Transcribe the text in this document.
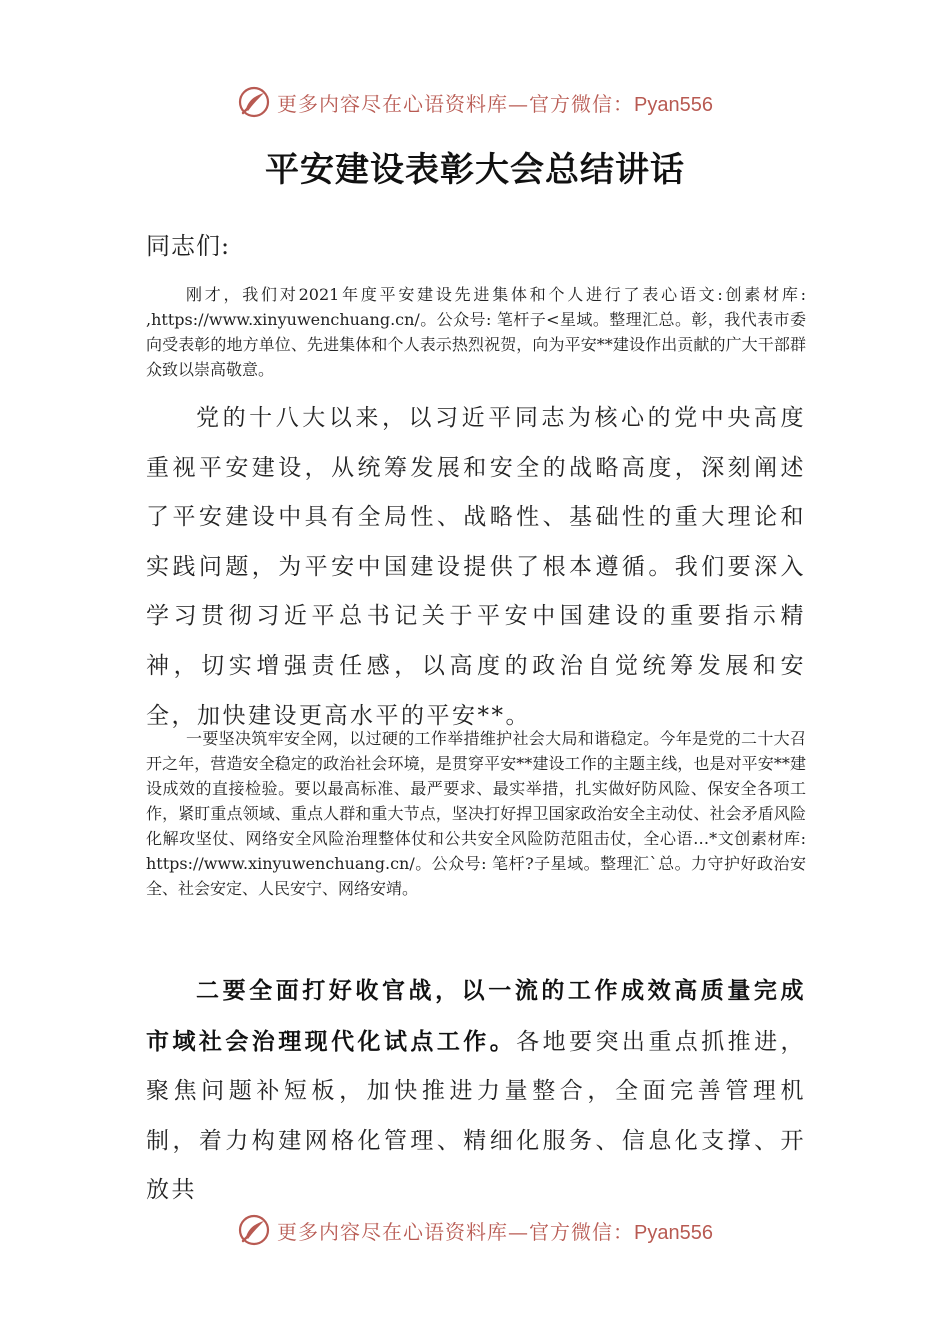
更多内容尽在心语资料库—官方微信：Pyan556
平安建设表彰大会总结讲话

同志们:

刚才，我们对2021年度平安建设先进集体和个人进行了表心语文:创素材库: ,https://www.xinyuwenchuang.cn/。公众号: 笔杆子<星域。整理汇总。彰，我代表市委向受表彰的地方单位、先进集体和个人表示热烈祝贺，向为平安**建设作出贡献的广大干部群众致以崇高敬意。

党的十八大以来，以习近平同志为核心的党中央高度重视平安建设，从统筹发展和安全的战略高度，深刻阐述了平安建设中具有全局性、战略性、基础性的重大理论和实践问题，为平安中国建设提供了根本遵循。我们要深入学习贯彻习近平总书记关于平安中国建设的重要指示精神，切实增强责任感，以高度的政治自觉统筹发展和安全，加快建设更高水平的平安**。

一要坚决筑牢安全网，以过硬的工作举措维护社会大局和谐稳定。今年是党的二十大召开之年，营造安全稳定的政治社会环境，是贯穿平安**建设工作的主题主线，也是对平安**建设成效的直接检验。要以最高标准、最严要求、最实举措，扎实做好防风险、保安全各项工作，紧盯重点领域、重点人群和重大节点，坚决打好捍卫国家政治安全主动仗、社会矛盾风险化解攻坚仗、网络安全风险治理整体仗和公共安全风险防范阻击仗，全心语…*文创素材库: https://www.xinyuwenchuang.cn/。公众号: 笔杆?子星域。整理汇`总。力守护好政治安全、社会安定、人民安宁、网络安靖。

二要全面打好收官战，以一流的工作成效高质量完成市域社会治理现代化试点工作。各地要突出重点抓推进，聚焦问题补短板，加快推进力量整合，全面完善管理机制，着力构建网格化管理、精细化服务、信息化支撑、开放共

更多内容尽在心语资料库—官方微信：Pyan556
